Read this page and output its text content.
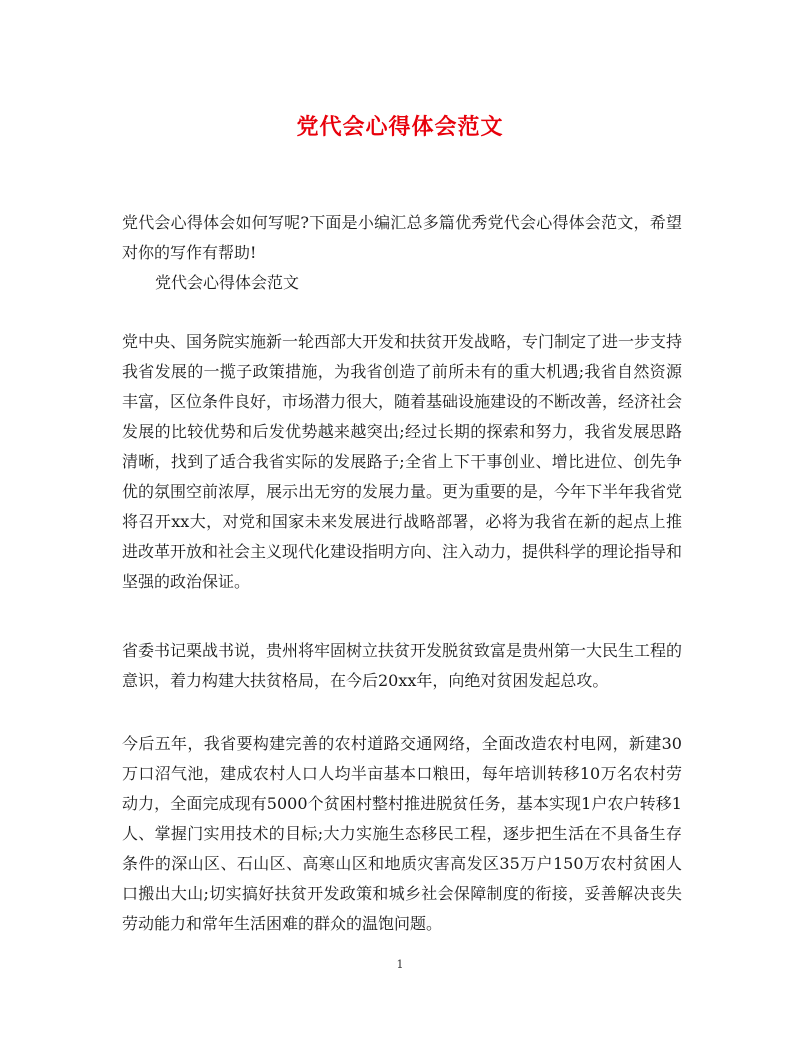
党代会心得体会范文

党代会心得体会如何写呢?下面是小编汇总多篇优秀党代会心得体会范文，希望对你的写作有帮助!

党代会心得体会范文

党中央、国务院实施新一轮西部大开发和扶贫开发战略，专门制定了进一步支持我省发展的一揽子政策措施，为我省创造了前所未有的重大机遇;我省自然资源丰富，区位条件良好，市场潜力很大，随着基础设施建设的不断改善，经济社会发展的比较优势和后发优势越来越突出;经过长期的探索和努力，我省发展思路清晰，找到了适合我省实际的发展路子;全省上下干事创业、增比进位、创先争优的氛围空前浓厚，展示出无穷的发展力量。更为重要的是，今年下半年我省党将召开xx大，对党和国家未来发展进行战略部署，必将为我省在新的起点上推进改革开放和社会主义现代化建设指明方向、注入动力，提供科学的理论指导和坚强的政治保证。

省委书记栗战书说，贵州将牢固树立扶贫开发脱贫致富是贵州第一大民生工程的意识，着力构建大扶贫格局，在今后20xx年，向绝对贫困发起总攻。

今后五年，我省要构建完善的农村道路交通网络，全面改造农村电网，新建30万口沼气池，建成农村人口人均半亩基本口粮田，每年培训转移10万名农村劳动力，全面完成现有5000个贫困村整村推进脱贫任务，基本实现1户农户转移1人、掌握门实用技术的目标;大力实施生态移民工程，逐步把生活在不具备生存条件的深山区、石山区、高寒山区和地质灾害高发区35万户150万农村贫困人口搬出大山;切实搞好扶贫开发政策和城乡社会保障制度的衔接，妥善解决丧失劳动能力和常年生活困难的群众的温饱问题。

1
